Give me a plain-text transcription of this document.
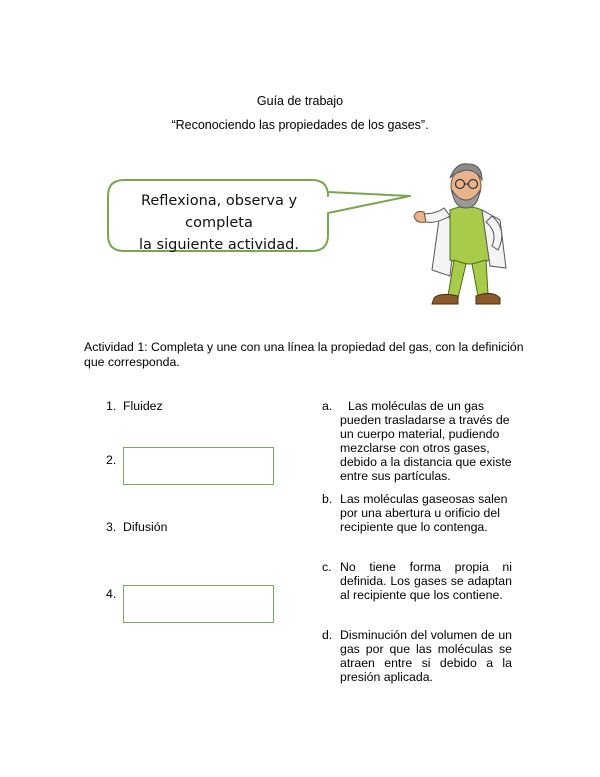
Guía de trabajo
“Reconociendo las propiedades de los gases”.
Reflexiona, observa y completa
la siguiente actividad.
Actividad 1: Completa y une con una línea la propiedad del gas, con la definición que corresponda.
1. Fluidez
2.
3. Difusión
4.
a.	Las moléculas de un gas pueden trasladarse a través de un cuerpo material, pudiendo mezclarse con otros gases, debido a la distancia que existe entre sus partículas.
b. Las moléculas gaseosas salen por una abertura u orificio del recipiente que lo contenga.
c. No tiene forma propia ni definida. Los gases se adaptan al recipiente que los contiene.
d. Disminución del volumen de un gas por que las moléculas se atraen entre si debido a la presión aplicada.
